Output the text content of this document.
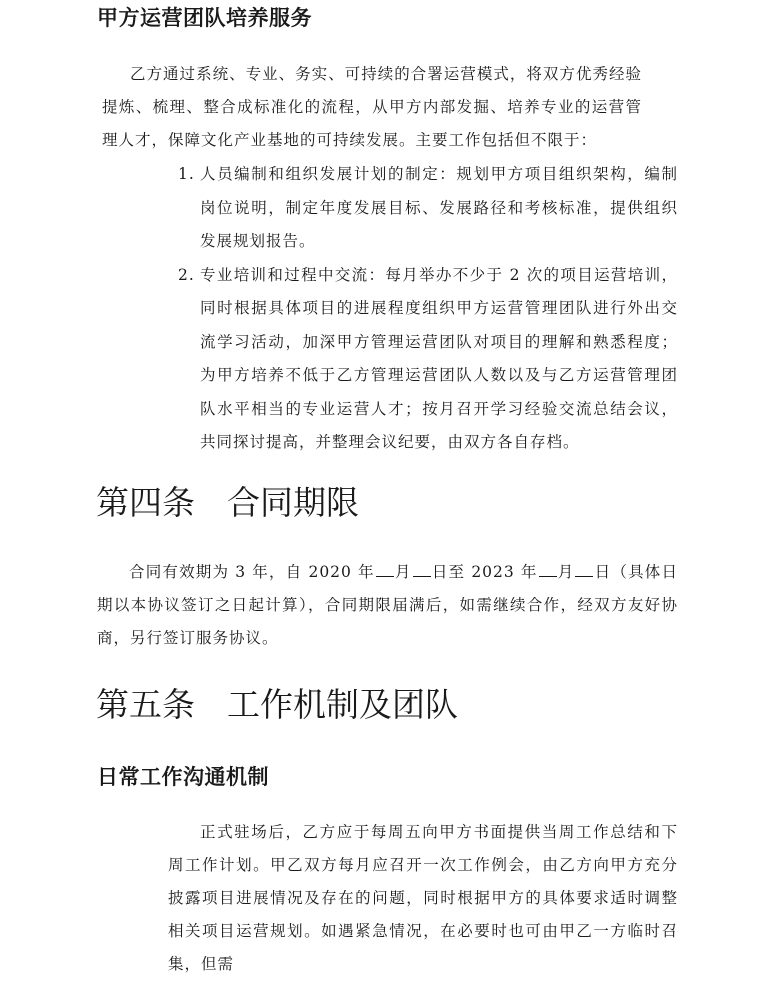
甲方运营团队培养服务

乙方通过系统、专业、务实、可持续的合署运营模式，将双方优秀经验提炼、梳理、整合成标准化的流程，从甲方内部发掘、培养专业的运营管理人才，保障文化产业基地的可持续发展。主要工作包括但不限于：

1. 人员编制和组织发展计划的制定：规划甲方项目组织架构，编制岗位说明，制定年度发展目标、发展路径和考核标准，提供组织发展规划报告。
2. 专业培训和过程中交流：每月举办不少于 2 次的项目运营培训，同时根据具体项目的进展程度组织甲方运营管理团队进行外出交流学习活动，加深甲方管理运营团队对项目的理解和熟悉程度；为甲方培养不低于乙方管理运营团队人数以及与乙方运营管理团队水平相当的专业运营人才；按月召开学习经验交流总结会议，共同探讨提高，并整理会议纪要，由双方各自存档。
第四条 合同期限

合同有效期为 3 年，自 2020 年 月 日至 2023 年 月 日（具体日期以本协议签订之日起计算），合同期限届满后，如需继续合作，经双方友好协商，另行签订服务协议。

第五条 工作机制及团队
日常工作沟通机制

正式驻场后，乙方应于每周五向甲方书面提供当周工作总结和下周工作计划。甲乙双方每月应召开一次工作例会，由乙方向甲方充分披露项目进展情况及存在的问题，同时根据甲方的具体要求适时调整相关项目运营规划。如遇紧急情况，在必要时也可由甲乙一方临时召集，但需
